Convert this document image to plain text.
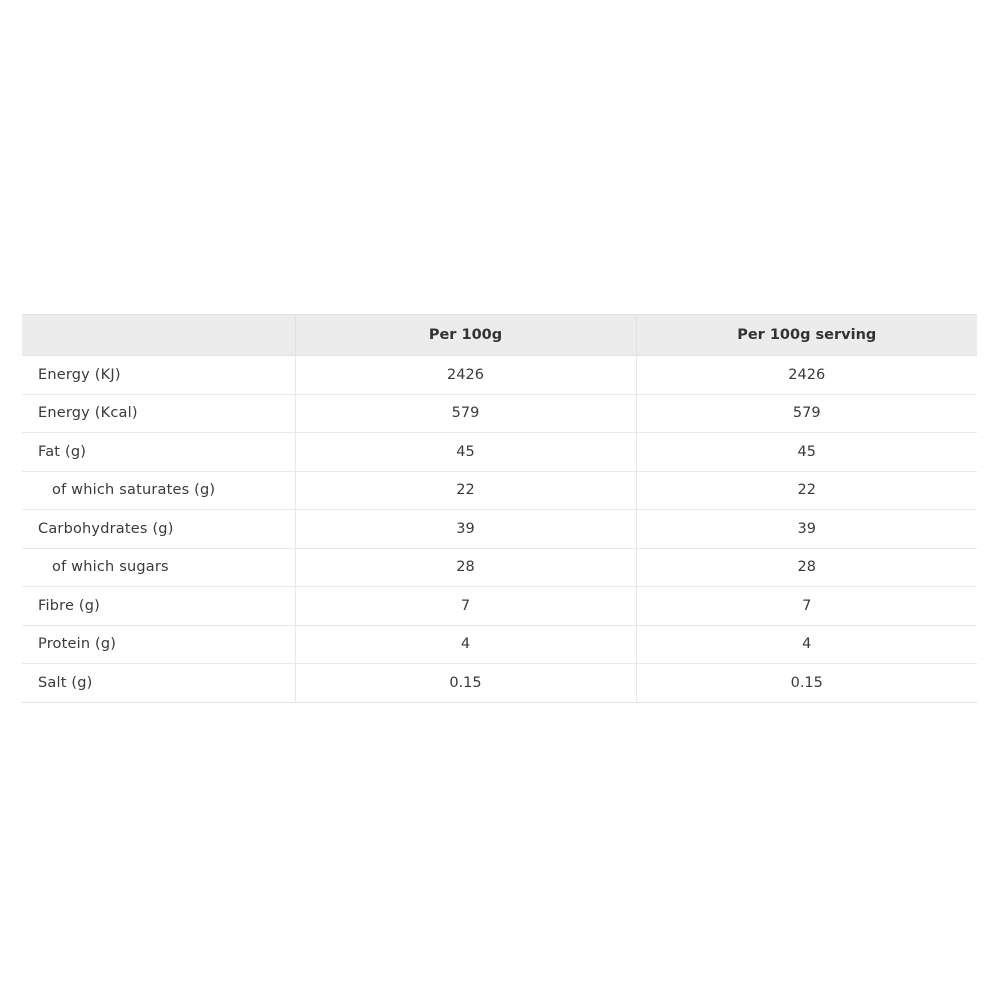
	Per 100g	Per 100g serving
Energy (KJ)	2426	2426
Energy (Kcal)	579	579
Fat (g)	45	45
of which saturates (g)	22	22
Carbohydrates (g)	39	39
of which sugars	28	28
Fibre (g)	7	7
Protein (g)	4	4
Salt (g)	0.15	0.15
